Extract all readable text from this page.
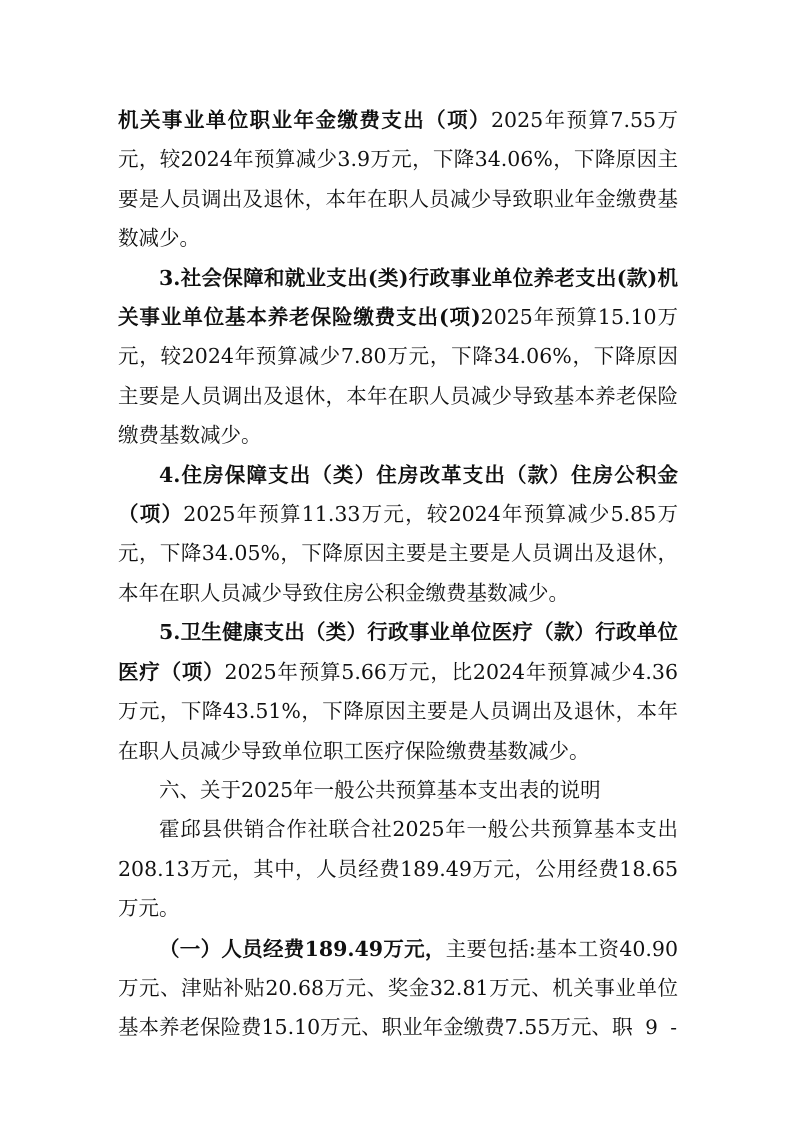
机关事业单位职业年金缴费支出（项）2025年预算7.55万元，较2024年预算减少3.9万元，下降34.06%，下降原因主要是人员调出及退休，本年在职人员减少导致职业年金缴费基数减少。

3.社会保障和就业支出(类)行政事业单位养老支出(款)机关事业单位基本养老保险缴费支出(项)2025年预算15.10万元，较2024年预算减少7.80万元，下降34.06%，下降原因主要是人员调出及退休，本年在职人员减少导致基本养老保险缴费基数减少。

4.住房保障支出（类）住房改革支出（款）住房公积金（项）2025年预算11.33万元，较2024年预算减少5.85万元，下降34.05%，下降原因主要是主要是人员调出及退休，本年在职人员减少导致住房公积金缴费基数减少。

5.卫生健康支出（类）行政事业单位医疗（款）行政单位医疗（项）2025年预算5.66万元，比2024年预算减少4.36万元，下降43.51%，下降原因主要是人员调出及退休，本年在职人员减少导致单位职工医疗保险缴费基数减少。

六、关于2025年一般公共预算基本支出表的说明

霍邱县供销合作社联合社2025年一般公共预算基本支出208.13万元，其中，人员经费189.49万元，公用经费18.65万元。

（一）人员经费189.49万元，主要包括:基本工资40.90万元、津贴补贴20.68万元、奖金32.81万元、机关事业单位基本养老保险费15.10万元、职业年金缴费7.55万元、职

- 9 -
